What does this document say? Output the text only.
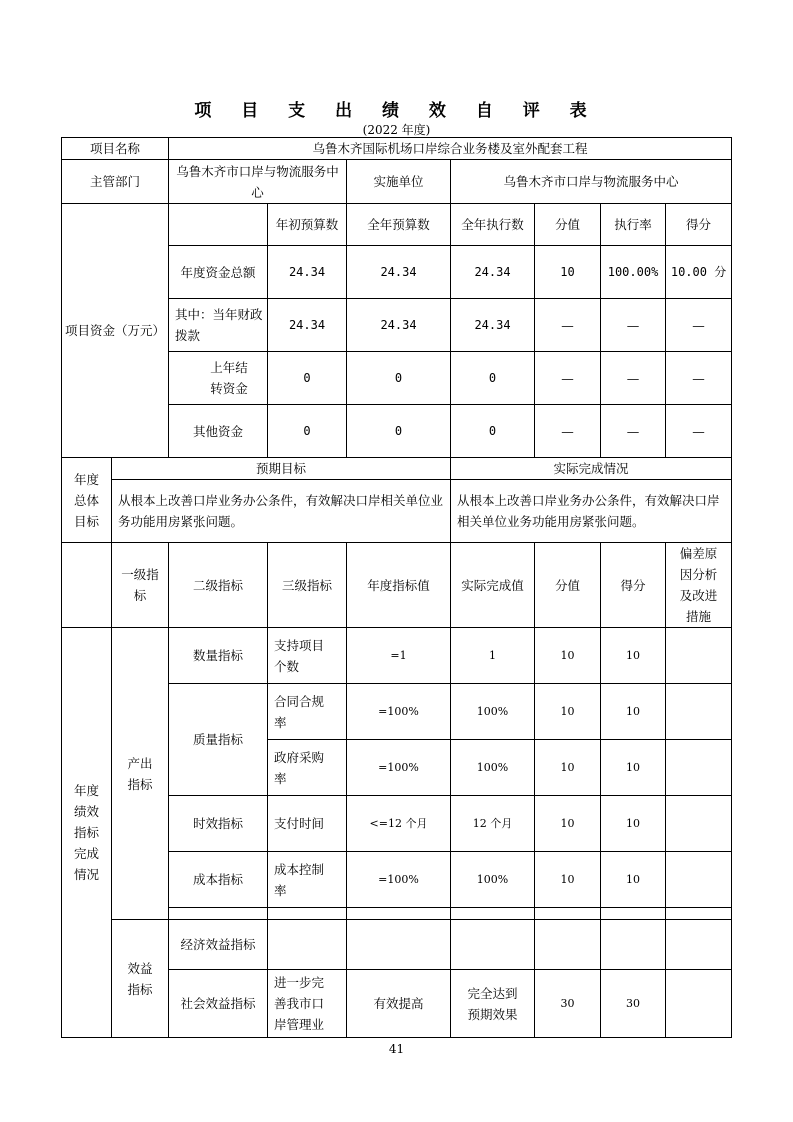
项 目 支 出 绩 效 自 评 表
(2022 年度)
项目名称		乌鲁木齐国际机场口岸综合业务楼及室外配套工程						
主管部门		乌鲁木齐市口岸与物流服务中心		实施单位	乌鲁木齐市口岸与物流服务中心			
项目资金（万元）			年初预算数	全年预算数	全年执行数	分值	执行率	得分
		年度资金总额	24.34	24.34	24.34	10	100.00%	10.00 分
		其中：当年财政拨款	24.34	24.34	24.34	—	—	—
		上年结转资金	0	0	0	—	—	—
		其他资金	0	0	0	—	—	—
年度总体目标	预期目标				实际完成情况			
	从根本上改善口岸业务办公条件，有效解决口岸相关单位业务功能用房紧张问题。				从根本上改善口岸业务办公条件，有效解决口岸相关单位业务功能用房紧张问题。			
	一级指标	二级指标	三级指标	年度指标值	实际完成值	分值	得分	偏差原因分析及改进措施
年度绩效指标完成情况	产出指标	数量指标	支持项目个数	=1	1	10	10	
		质量指标	合同合规率	=100%	100%	10	10	
			政府采购率	=100%	100%	10	10	
		时效指标	支付时间	<=12 个月	12 个月	10	10	
		成本指标	成本控制率	=100%	100%	10	10	

	效益指标	经济效益指标						
		社会效益指标	进一步完善我市口岸管理业	有效提高	完全达到预期效果	30	30	
41
